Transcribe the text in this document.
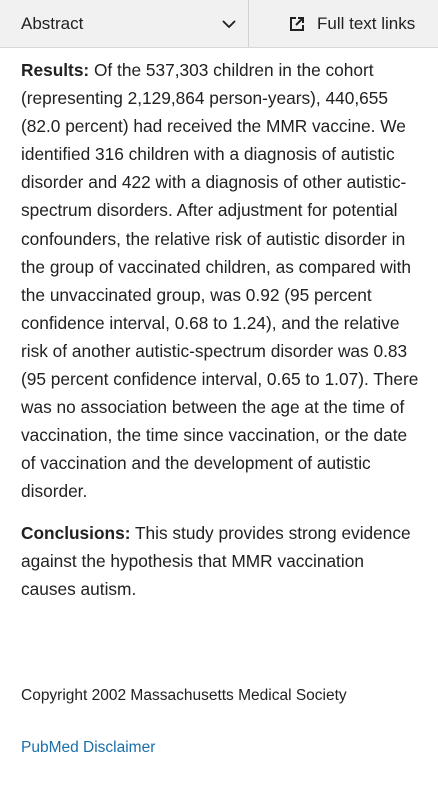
Abstract	Full text links

Results: Of the 537,303 children in the cohort (representing 2,129,864 person-years), 440,655 (82.0 percent) had received the MMR vaccine. We identified 316 children with a diagnosis of autistic disorder and 422 with a diagnosis of other autistic-spectrum disorders. After adjustment for potential confounders, the relative risk of autistic disorder in the group of vaccinated children, as compared with the unvaccinated group, was 0.92 (95 percent confidence interval, 0.68 to 1.24), and the relative risk of another autistic-spectrum disorder was 0.83 (95 percent confidence interval, 0.65 to 1.07). There was no association between the age at the time of vaccination, the time since vaccination, or the date of vaccination and the development of autistic disorder.

Conclusions: This study provides strong evidence against the hypothesis that MMR vaccination causes autism.

Copyright 2002 Massachusetts Medical Society
PubMed Disclaimer
